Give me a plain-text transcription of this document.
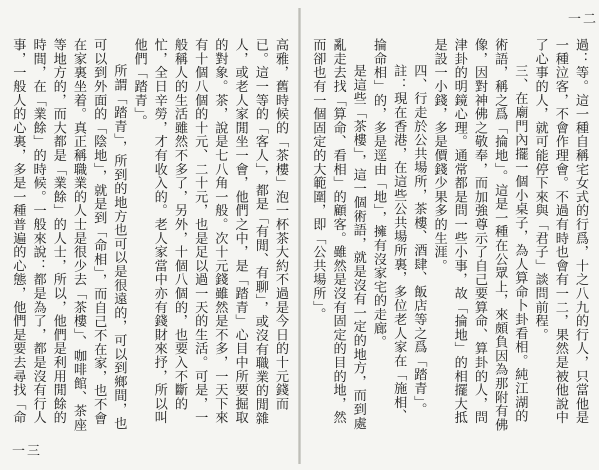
高雅，舊時候的「茶樓」泡一杯茶大約不過是今日的十元錢而已。這一等的「客人」，都是「有閒、有聊」，或沒有職業的閒雜人，或老人家閒坐一會，他們之中，是「踏青」心目中所要掘取的對象。茶，說是七八角一般。次十元錢雖然是不多，一天下來有十個八個的十元、二十元，也是足以過一天的生活。可是，一般稱人的生活雖然不多了，另外，十個八個的，也要入不斷的忙，全日辛勞，才有收入的。老人家當中亦有錢財來抒，所以叫他們「踏青」。

所謂「踏青」，所到的地方也可以是很遠的，可以到鄉間，也可以到外面的「陰地」，就是到「命相」，而自己不在家，也不會在家裏坐着。真正稱職業的人士是很少去「茶樓」、咖啡館、茶座等地方的，而大都是「業餘」的人士，所以，他們是利用閒餘的時間，在「業餘」的時候。一般來說：都是為了，都是沒有行人事，一般人的心裏，多是一種普遍的心態，他們是要去尋找「命

一三
一二

過：等。這一種自稱宅女式的行爲，十之八九的行人，只當他是一種泣客，不會作理會。不過有時也會有一二，果然是被他說中了心事的人，就可能停下來與「君子」談問前程。

三、在廟門內擺一個小桌子，為人算命卜卦看相。純江湖的術語，稱之爲「掄地」。這是一種在公眾上，來頗負因為那附有佛像，因對神佛之敬奉，而加強尊示了自己要算命、算卦的人，問津卦的明鏡心理。通常都是問一些小事，故「掄地」的相擺大抵是設一小錢，多是價錢少果多的生涯。

四、行走於公共場所，茶樓、酒肆、飯店等之爲「踏青」。

註：現在香港，在這些公共場所裏，多位老人家在「施相、掄命相」的，多是逕由「地」，擁有沒家宅的走廊。

是這些「茶樓」，這一個術語，就是沒有一定的地方，而到處亂走去找「算命、看相」的顧客。雖然是沒有固定的目的地，然而卻也有一個固定的大範圍，即「公共場所」。
